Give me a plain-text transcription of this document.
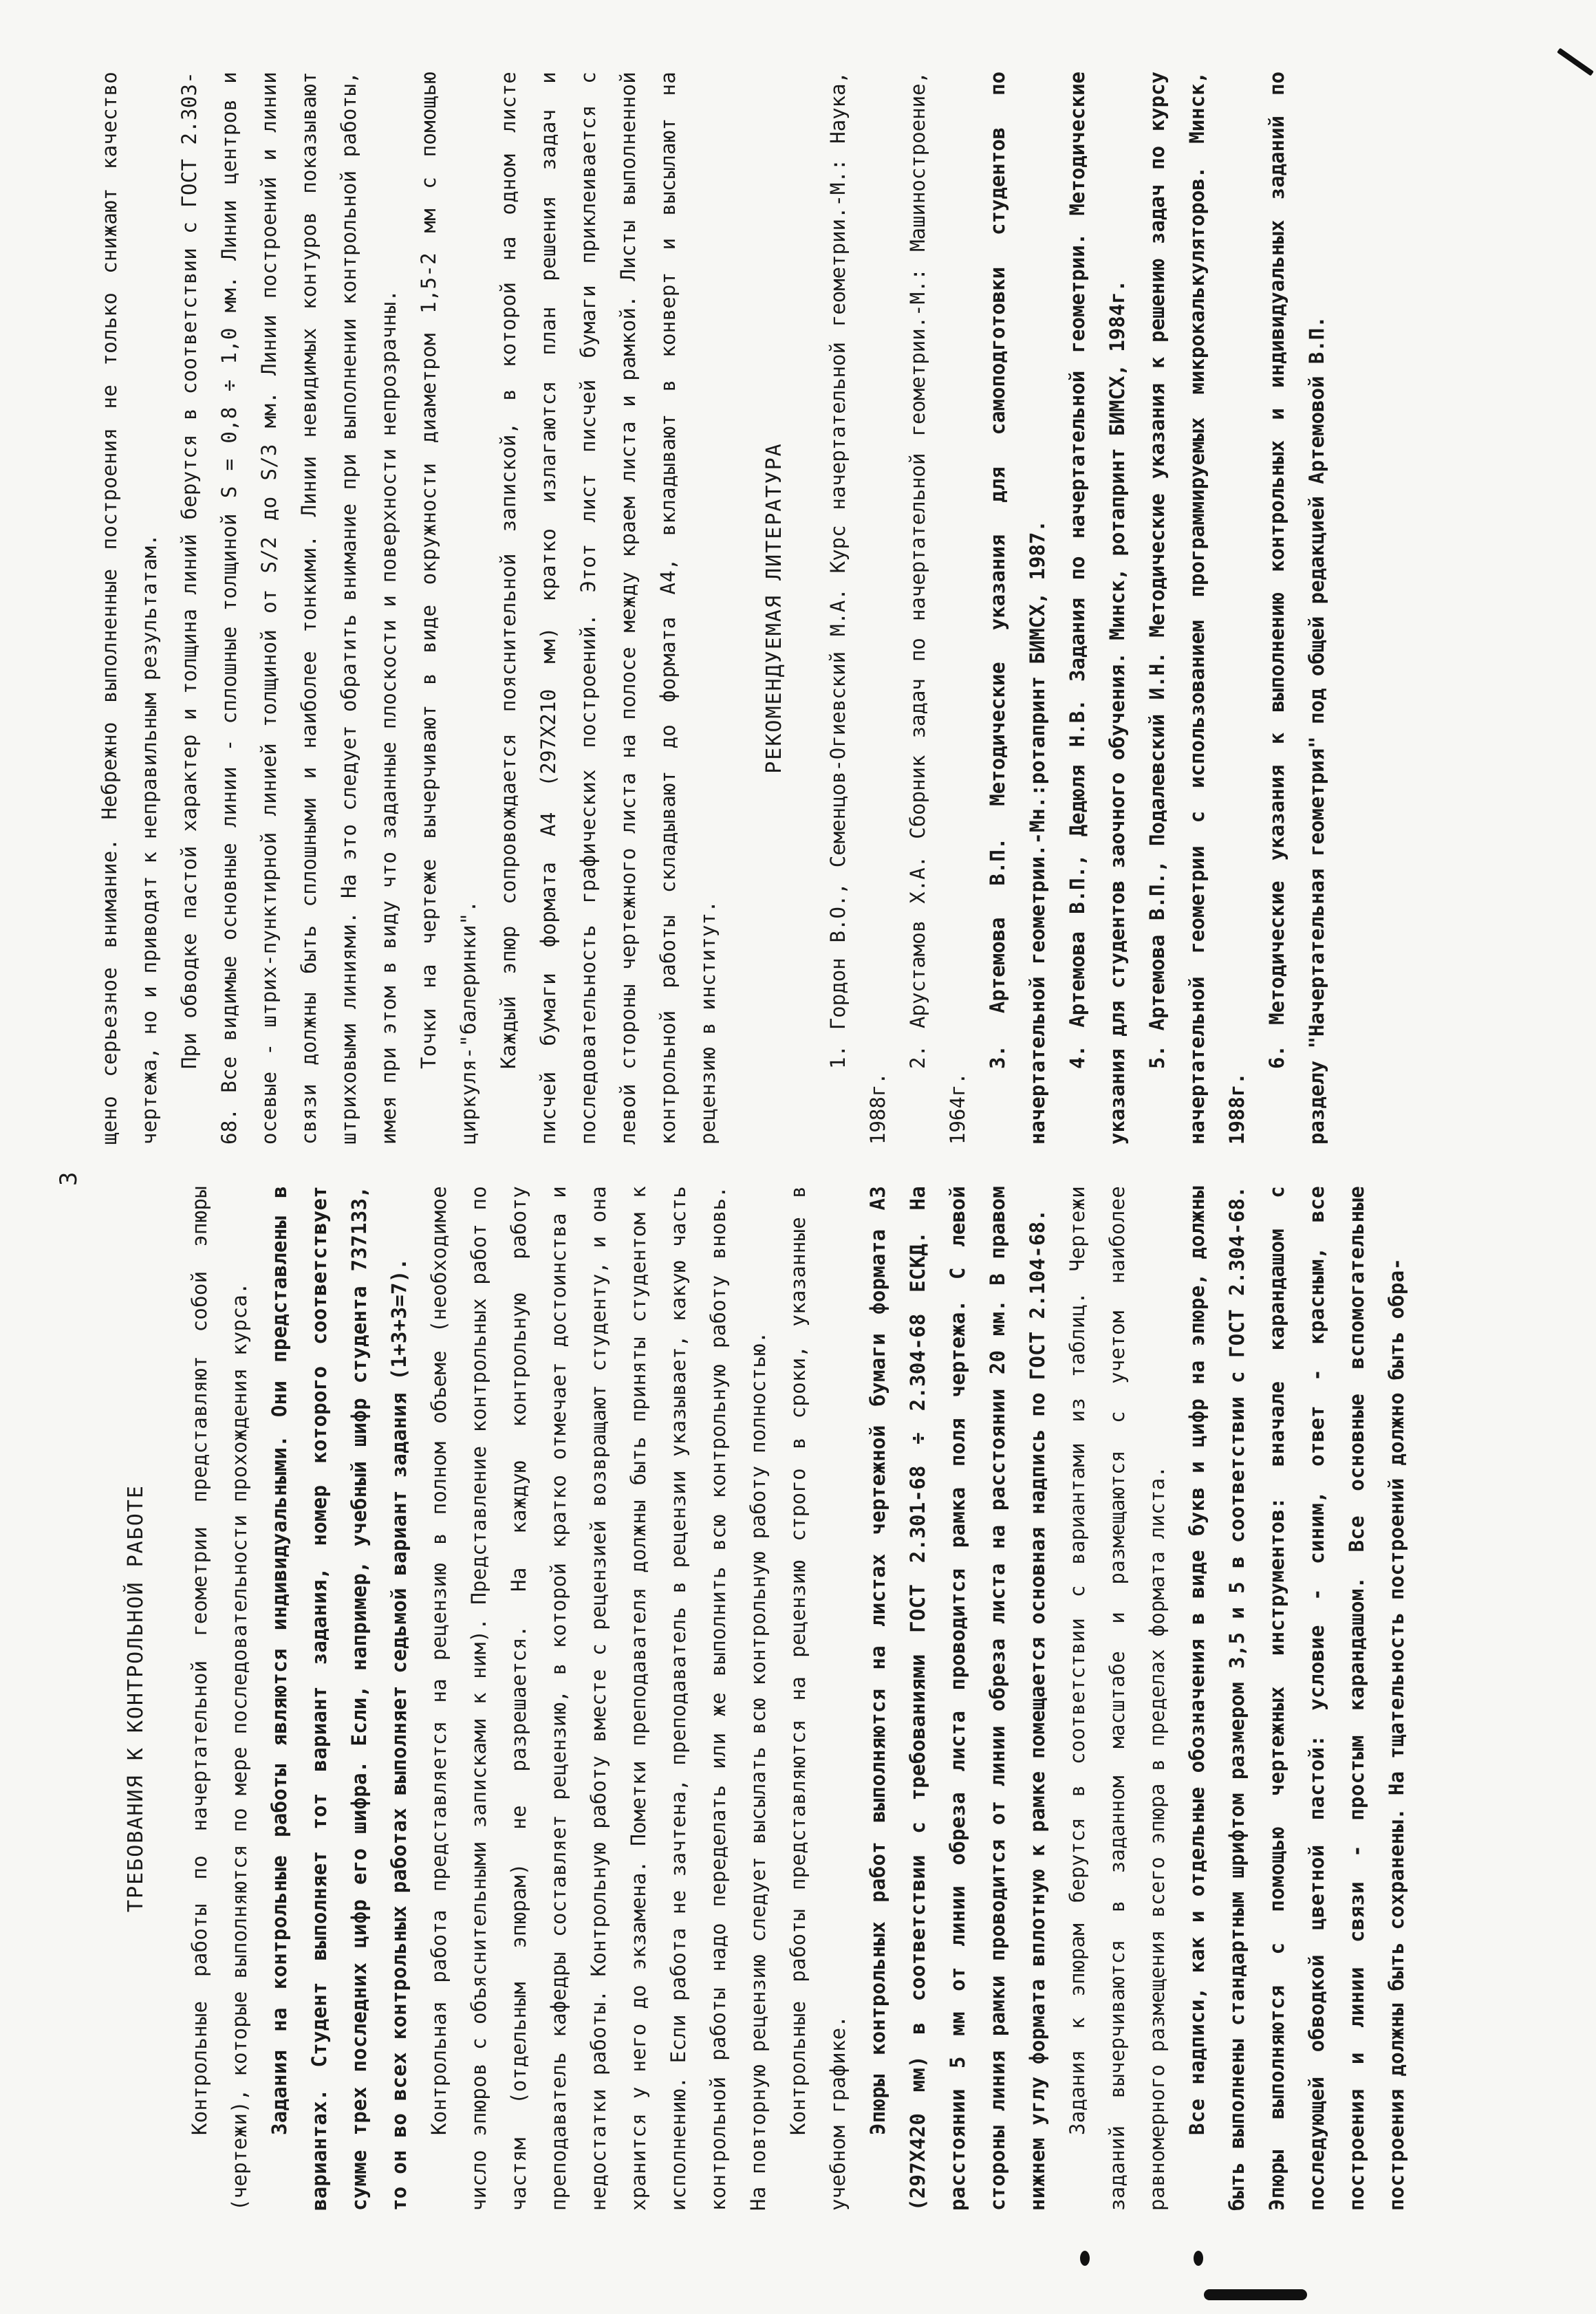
3
ТРЕБОВАНИЯ К КОНТРОЛЬНОЙ РАБОТЕ	Контрольные работы по начертательной геометрии представляют собой эпюры (чертежи), которые выполняются по мере последовательности прохождения курса. Задания на контрольные работы являются индивидуальными. Они представлены в вариантах. Студент выполняет тот вариант задания, номер которого соответствует сумме трех последних цифр его шифра. Если, например, учебный шифр студента 737133, то он во всех контрольных работах выполняет седьмой вариант задания (1+3+3=7). Контрольная работа представляется на рецензию в полном объеме (необходимое число эпюров с объяснительными записками к ним). Представление контрольных работ по частям (отдельным эпюрам) не разрешается. На каждую контрольную работу преподаватель кафедры составляет рецензию, в которой кратко отмечает достоинства и недостатки работы. Контрольную работу вместе с рецензией возвращают студенту, и она хранится у него до экзамена. Пометки преподавателя должны быть приняты студентом к исполнению. Если работа не зачтена, преподаватель в рецензии указывает, какую часть контрольной работы надо переделать или же выполнить всю контрольную работу вновь. На повторную рецензию следует высылать всю контрольную работу полностью. Контрольные работы представляются на рецензию строго в сроки, указанные в учебном графике. Эпюры контрольных работ выполняются на листах чертежной бумаги формата А3 (297Х420 мм) в соответствии с требованиями ГОСТ 2.301-68 ÷ 2.304-68 ЕСКД. На расстоянии 5 мм от линии обреза листа проводится рамка поля чертежа. С левой стороны линия рамки проводится от линии обреза листа на расстоянии 20 мм. В правом нижнем углу формата вплотную к рамке помещается основная надпись по ГОСТ 2.104-68. Задания к эпюрам берутся в соответствии с вариантами из таблиц. Чертежи заданий вычерчиваются в заданном масштабе и размещаются с учетом наиболее равномерного размещения всего эпюра в пределах формата листа. Все надписи, как и отдельные обозначения в виде букв и цифр на эпюре, должны быть выполнены стандартным шрифтом размером 3,5 и 5 в соответствии с ГОСТ 2.304-68. Эпюры выполняются с помощью чертежных инструментов: вначале карандашом с последующей обводкой цветной пастой: условие - синим, ответ - красным, все построения и линии связи - простым карандашом. Все основные вспомогательные построения должны быть сохранены. На тщательность построений должно быть обра-

щено серьезное внимание. Небрежно выполненные построения не только снижают качество чертежа, но и приводят к неправильным результатам. При обводке пастой характер и толщина линий берутся в соответствии с ГОСТ 2.303-68. Все видимые основные линии - сплошные толщиной S = 0,8 ÷ 1,0 мм. Линии центров и осевые - штрих-пунктирной линией толщиной от S/2 до S/3 мм. Линии построений и линии связи должны быть сплошными и наиболее тонкими. Линии невидимых контуров показывают штриховыми линиями. На это следует обратить внимание при выполнении контрольной работы, имея при этом в виду что заданные плоскости и поверхности непрозрачны. Точки на чертеже вычерчивают в виде окружности диаметром 1,5-2 мм с помощью циркуля-"балеринки". Каждый эпюр сопровождается пояснительной запиской, в которой на одном листе писчей бумаги формата А4 (297Х210 мм) кратко излагаются план решения задач и последовательность графических построений. Этот лист писчей бумаги приклеивается с левой стороны чертежного листа на полосе между краем листа и рамкой. Листы выполненной контрольной работы складывают до формата А4, вкладывают в конверт и высылают на рецензию в институт.

РЕКОМЕНДУЕМАЯ ЛИТЕРАТУРА	1. Гордон В.О., Семенцов-Огиевский М.А. Курс начертательной геометрии.-М.: Наука, 1988г.

2. Арустамов Х.А. Сборник задач по начертательной геометрии.-М.: Машиностроение, 1964г.

3. Артемова В.П. Методические указания для самоподготовки студентов по начертательной геометрии.-Мн.:ротапринт БИМСХ, 1987. 4. Артемова В.П., Дедюля Н.В. Задания по начертательной геометрии. Методические указания для студентов заочного обучения. Минск, ротапринт БИМСХ, 1984г. 5. Артемова В.П., Подалевский И.Н. Методические указания к решению задач по курсу начертательной геометрии с использованием программируемых микрокалькуляторов. Минск, 1988г.

6. Методические указания к выполнению контрольных и индивидуальных заданий по разделу "Начертательная геометрия" под общей редакцией Артемовой В.П.
